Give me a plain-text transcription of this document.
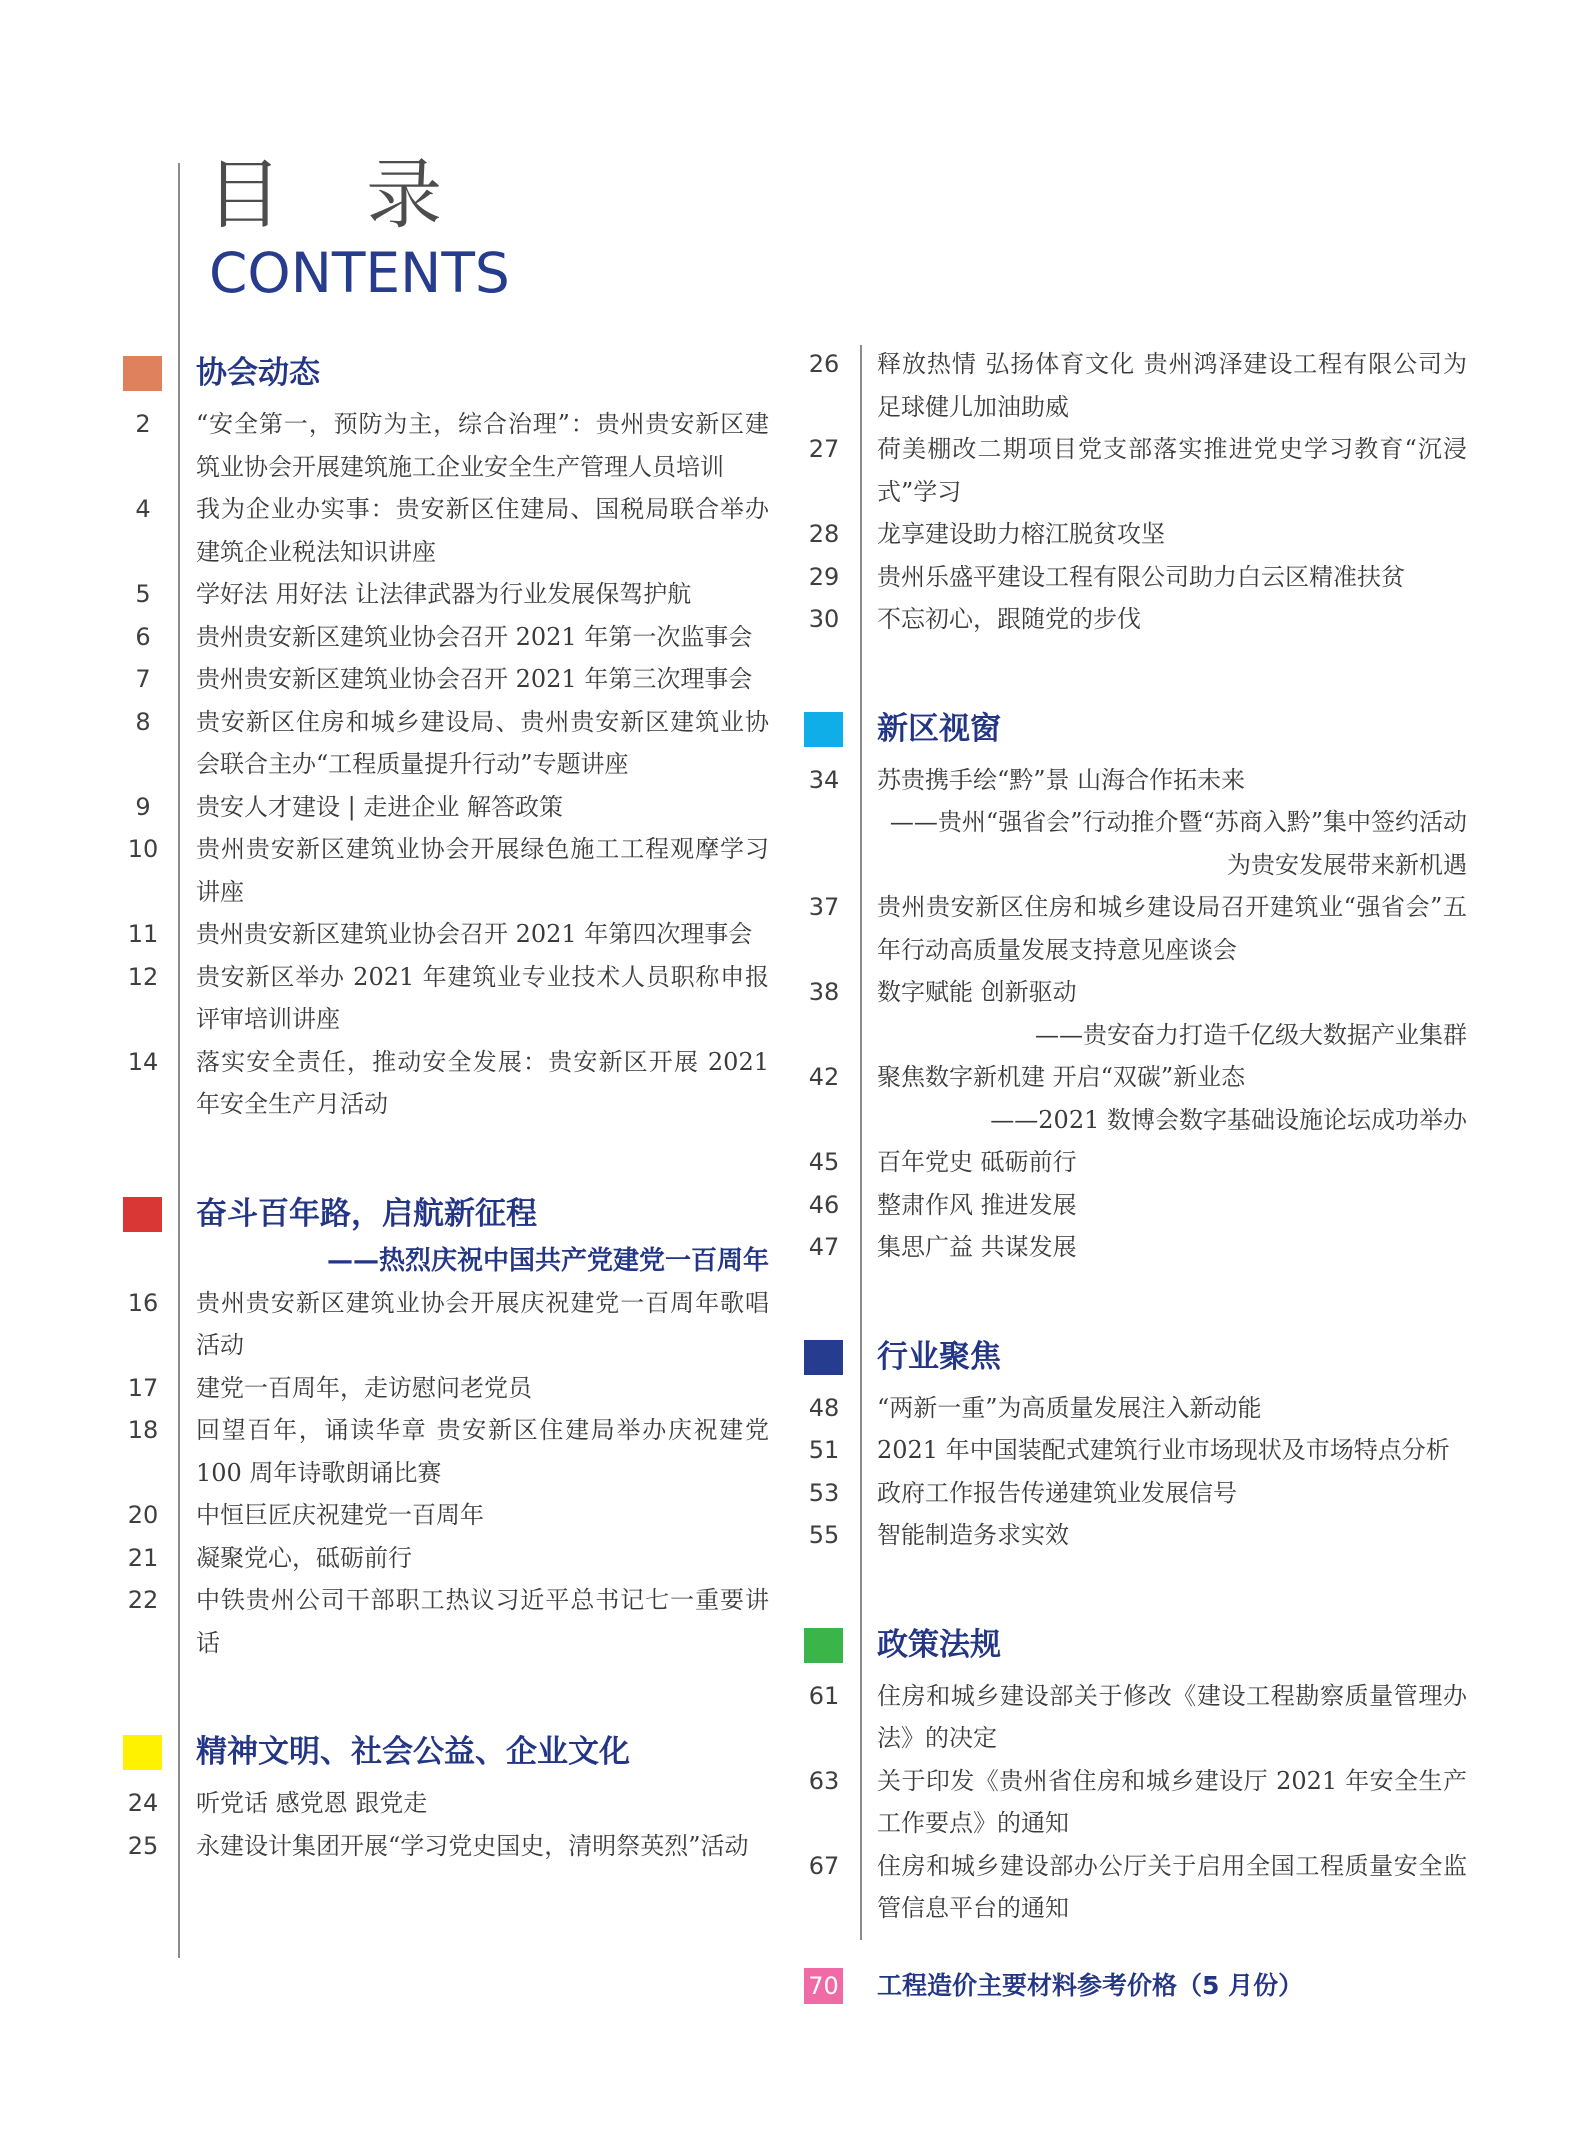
目 录
CONTENTS
协会动态
2	“安全第一，预防为主，综合治理”：贵州贵安新区建筑业协会开展建筑施工企业安全生产管理人员培训
4	我为企业办实事：贵安新区住建局、国税局联合举办建筑企业税法知识讲座
5	学好法 用好法 让法律武器为行业发展保驾护航
6	贵州贵安新区建筑业协会召开 2021 年第一次监事会
7	贵州贵安新区建筑业协会召开 2021 年第三次理事会
8	贵安新区住房和城乡建设局、贵州贵安新区建筑业协会联合主办“工程质量提升行动”专题讲座
9	贵安人才建设 | 走进企业 解答政策
10	贵州贵安新区建筑业协会开展绿色施工工程观摩学习讲座
11	贵州贵安新区建筑业协会召开 2021 年第四次理事会
12	贵安新区举办 2021 年建筑业专业技术人员职称申报评审培训讲座
14	落实安全责任，推动安全发展：贵安新区开展 2021 年安全生产月活动
奋斗百年路，启航新征程
——热烈庆祝中国共产党建党一百周年
16	贵州贵安新区建筑业协会开展庆祝建党一百周年歌唱活动
17	建党一百周年，走访慰问老党员
18	回望百年，诵读华章 贵安新区住建局举办庆祝建党 100 周年诗歌朗诵比赛
20	中恒巨匠庆祝建党一百周年
21	凝聚党心，砥砺前行
22	中铁贵州公司干部职工热议习近平总书记七一重要讲话
精神文明、社会公益、企业文化
24	听党话 感党恩 跟党走
25	永建设计集团开展“学习党史国史，清明祭英烈”活动
26	释放热情 弘扬体育文化 贵州鸿泽建设工程有限公司为足球健儿加油助威
27	荷美棚改二期项目党支部落实推进党史学习教育“沉浸式”学习
28	龙享建设助力榕江脱贫攻坚
29	贵州乐盛平建设工程有限公司助力白云区精准扶贫
30	不忘初心，跟随党的步伐
新区视窗
34	苏贵携手绘“黔”景 山海合作拓未来
——贵州“强省会”行动推介暨“苏商入黔”集中签约活动为贵安发展带来新机遇
37	贵州贵安新区住房和城乡建设局召开建筑业“强省会”五年行动高质量发展支持意见座谈会
38	数字赋能 创新驱动
——贵安奋力打造千亿级大数据产业集群
42	聚焦数字新机建 开启“双碳”新业态
——2021 数博会数字基础设施论坛成功举办
45	百年党史 砥砺前行
46	整肃作风 推进发展
47	集思广益 共谋发展
行业聚焦
48	“两新一重”为高质量发展注入新动能
51	2021 年中国装配式建筑行业市场现状及市场特点分析
53	政府工作报告传递建筑业发展信号
55	智能制造务求实效
政策法规
61	住房和城乡建设部关于修改《建设工程勘察质量管理办法》的决定
63	关于印发《贵州省住房和城乡建设厅 2021 年安全生产工作要点》的通知
67	住房和城乡建设部办公厅关于启用全国工程质量安全监管信息平台的通知
70 工程造价主要材料参考价格（5 月份）
